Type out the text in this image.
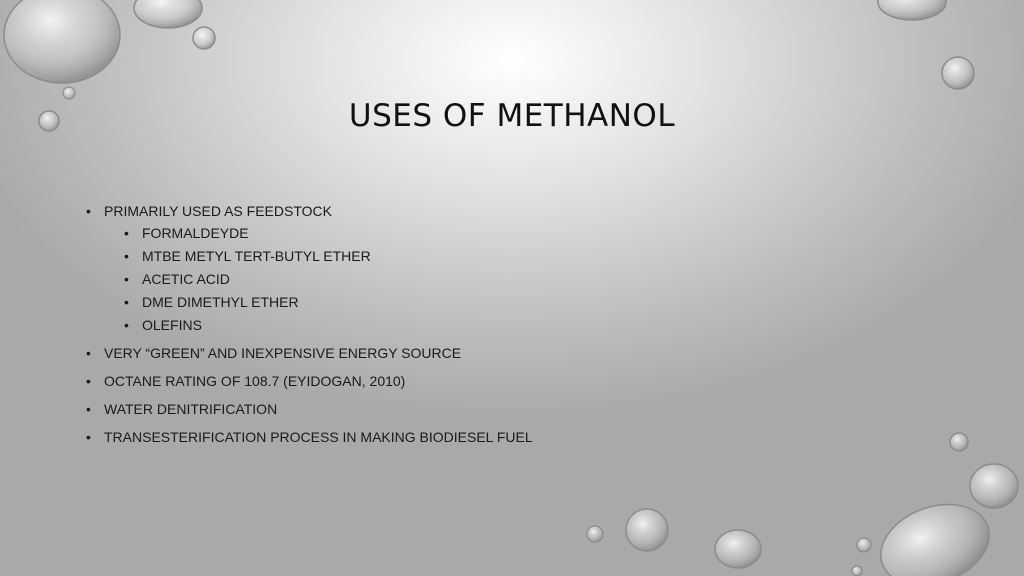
USES OF METHANOL
• PRIMARILY USED AS FEEDSTOCK
• FORMALDEYDE
• MTBE METYL TERT-BUTYL ETHER
• ACETIC ACID
• DME DIMETHYL ETHER
• OLEFINS
• VERY “GREEN” AND INEXPENSIVE ENERGY SOURCE
• OCTANE RATING OF 108.7 (EYIDOGAN, 2010)
• WATER DENITRIFICATION
• TRANSESTERIFICATION PROCESS IN MAKING BIODIESEL FUEL
